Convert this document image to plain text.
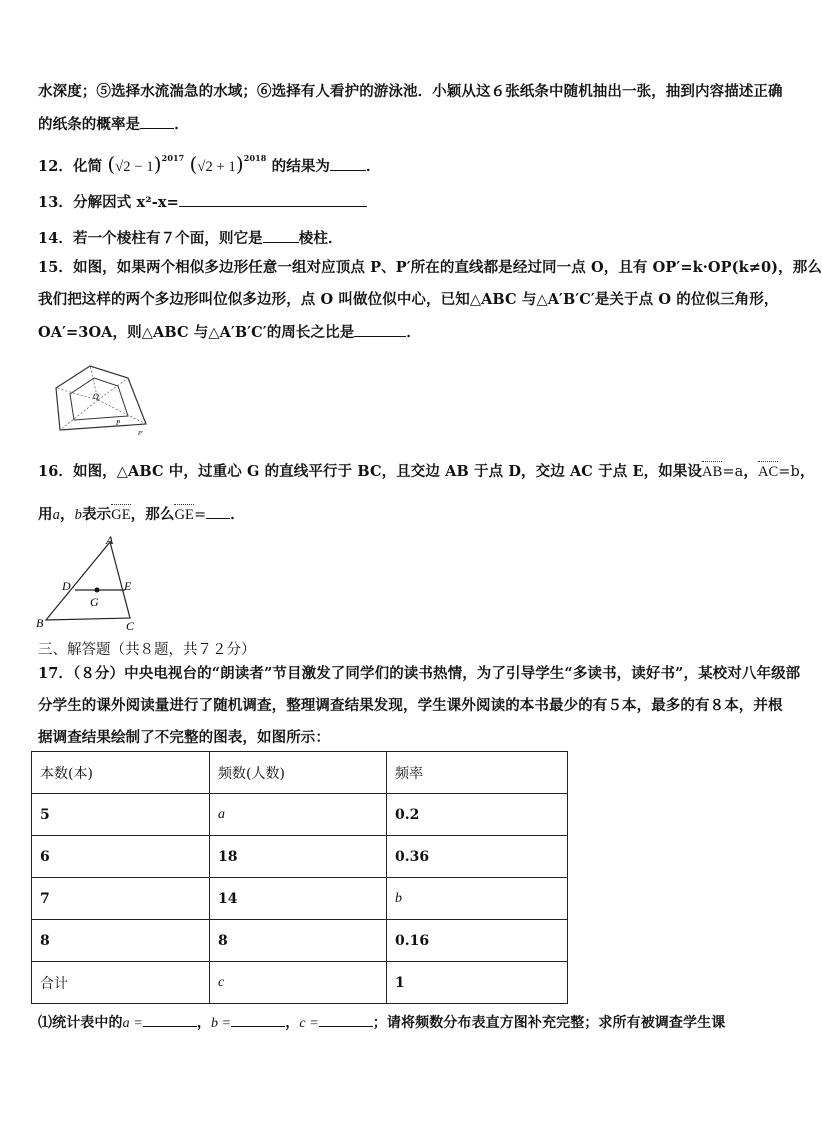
水深度；⑤选择水流湍急的水域；⑥选择有人看护的游泳池．小颖从这６张纸条中随机抽出一张，抽到内容描述正确
的纸条的概率是 ．
12．化简 $(√2 - 1)^{2017}$ $(√2 + 1)^{2018}$ 的结果为 ．
13．分解因式 x²-x=
14．若一个棱柱有７个面，则它是 棱柱．
15．如图，如果两个相似多边形任意一组对应顶点 P、P′所在的直线都是经过同一点 O，且有 OP′=k·OP(k≠0)，那么
我们把这样的两个多边形叫位似多边形，点 O 叫做位似中心，已知△ABC 与△A′B′C′是关于点 O 的位似三角形，
OA′=3OA，则△ABC 与△A′B′C′的周长之比是	．
O
P
P′
16．如图，△ABC 中，过重心 G 的直线平行于 BC，且交边 AB 于点 D，交边 AC 于点 E，如果设AB=a，AC=b，
用a，b表示GE，那么GE= ．
A
B	C
D	E
G
三、解答题（共８题，共７２分）
17．（８分）中央电视台的“朗读者”节目激发了同学们的读书热情，为了引导学生“多读书，读好书”，某校对八年级部
分学生的课外阅读量进行了随机调查，整理调查结果发现，学生课外阅读的本书最少的有５本，最多的有８本，并根
据调查结果绘制了不完整的图表，如图所示：
本数(本)	频数(人数)	频率
5	a	0.2
6	18	0.36
7	14	b
8	8	0.16
合计	c	1
⑴统计表中的a =	，b =	，c =	；请将频数分布表直方图补充完整；求所有被调查学生课
